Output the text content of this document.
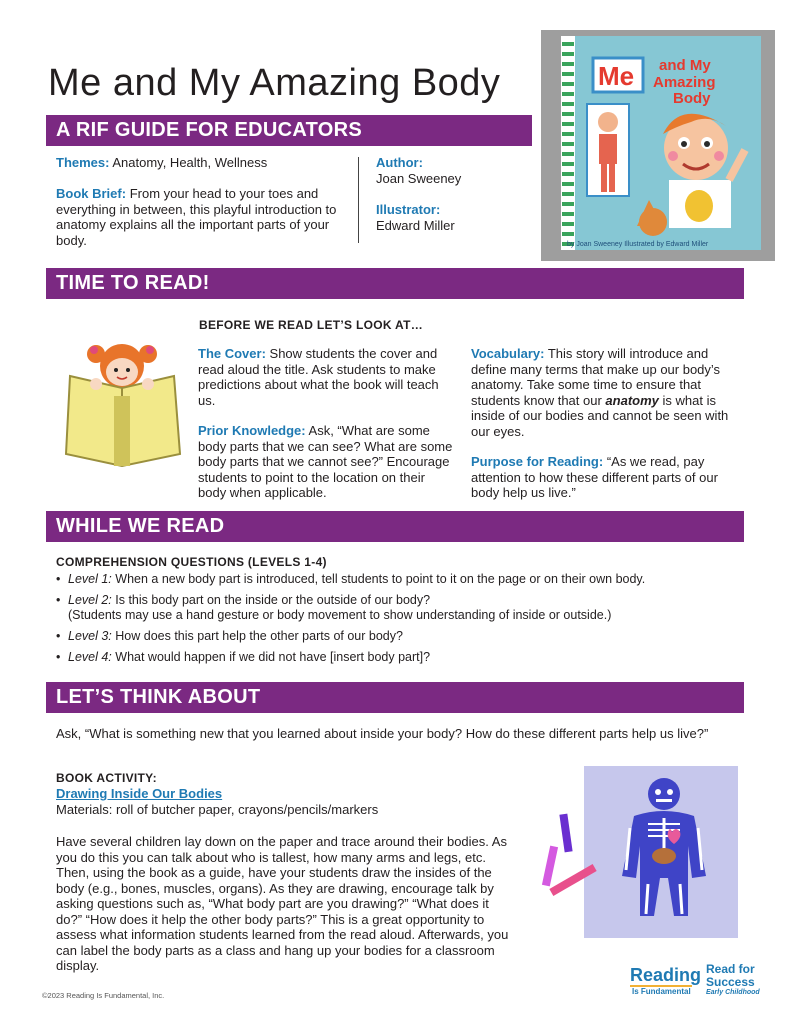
Me and My Amazing Body
A RIF GUIDE FOR EDUCATORS
Me and My
Amazing
Body
by Joan Sweeney Illustrated by Edward Miller
Themes: Anatomy, Health, Wellness
Book Brief: From your head to your toes and everything in between, this playful introduction to anatomy explains all the important parts of your body.
Author:
Joan Sweeney
Illustrator:
Edward Miller
TIME TO READ!
BEFORE WE READ LET’S LOOK AT…
The Cover: Show students the cover and read aloud the title. Ask students to make predictions about what the book will teach us.
Prior Knowledge: Ask, “What are some body parts that we can see? What are some body parts that we cannot see?” Encourage students to point to the location on their body when applicable.
Vocabulary: This story will introduce and define many terms that make up our body’s anatomy. Take some time to ensure that students know that our anatomy is what is inside of our bodies and cannot be seen with our eyes.
Purpose for Reading: “As we read, pay attention to how these different parts of our body help us live.”
WHILE WE READ
COMPREHENSION QUESTIONS (LEVELS 1-4)
• Level 1: When a new body part is introduced, tell students to point to it on the page or on their own body.
• Level 2: Is this body part on the inside or the outside of our body?
(Students may use a hand gesture or body movement to show understanding of inside or outside.)
• Level 3: How does this part help the other parts of our body?
• Level 4: What would happen if we did not have [insert body part]?
LET’S THINK ABOUT
Ask, “What is something new that you learned about inside your body? How do these different parts help us live?”
BOOK ACTIVITY:
Drawing Inside Our Bodies
Materials: roll of butcher paper, crayons/pencils/markers
Have several children lay down on the paper and trace around their bodies. As you do this you can talk about who is tallest, how many arms and legs, etc. Then, using the book as a guide, have your students draw the insides of the body (e.g., bones, muscles, organs). As they are drawing, encourage talk by asking questions such as, “What body part are you drawing?” “What does it do?” “How does it help the other body parts?” This is a great opportunity to assess what information students learned from the read aloud. Afterwards, you can label the body parts as a class and hang up your bodies for a classroom display.
©2023 Reading Is Fundamental, Inc.
Reading
Is Fundamental
Read for
Success
Early Childhood
